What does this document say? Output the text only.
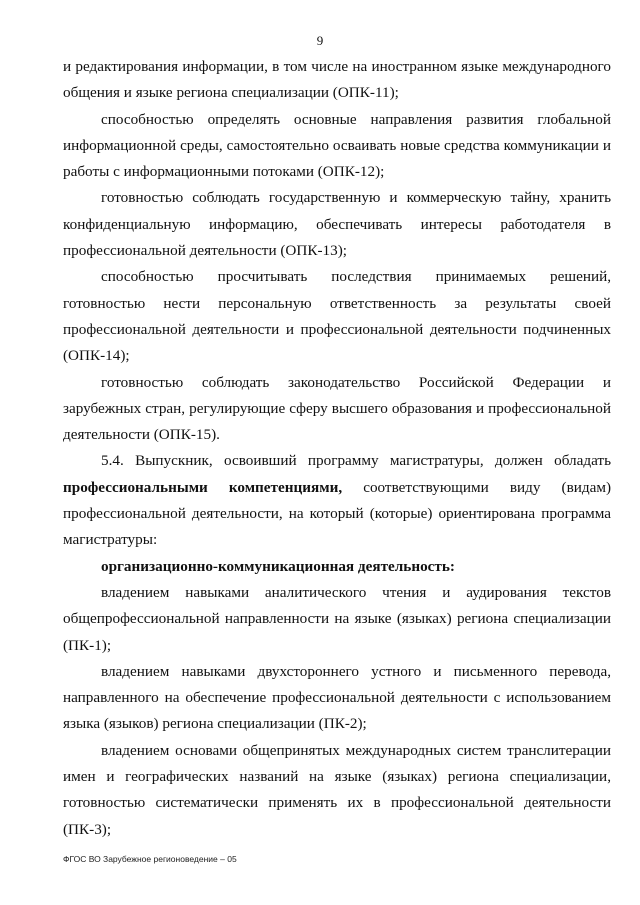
9

и редактирования информации, в том числе на иностранном языке международного общения и языке региона специализации (ОПК-11);

способностью определять основные направления развития глобальной информационной среды, самостоятельно осваивать новые средства коммуникации и работы с информационными потоками (ОПК-12);

готовностью соблюдать государственную и коммерческую тайну, хранить конфиденциальную информацию, обеспечивать интересы работодателя в профессиональной деятельности (ОПК-13);

способностью просчитывать последствия принимаемых решений, готовностью нести персональную ответственность за результаты своей профессиональной деятельности и профессиональной деятельности подчиненных (ОПК-14);

готовностью соблюдать законодательство Российской Федерации и зарубежных стран, регулирующие сферу высшего образования и профессиональной деятельности (ОПК-15).

5.4. Выпускник, освоивший программу магистратуры, должен обладать профессиональными компетенциями, соответствующими виду (видам) профессиональной деятельности, на который (которые) ориентирована программа магистратуры:

организационно-коммуникационная деятельность:

владением навыками аналитического чтения и аудирования текстов общепрофессиональной направленности на языке (языках) региона специализации (ПК-1);

владением навыками двухстороннего устного и письменного перевода, направленного на обеспечение профессиональной деятельности с использованием языка (языков) региона специализации (ПК-2);

владением основами общепринятых международных систем транслитерации имен и географических названий на языке (языках) региона специализации, готовностью систематически применять их в профессиональной деятельности (ПК-3);

ФГОС ВО Зарубежное регионоведение – 05
